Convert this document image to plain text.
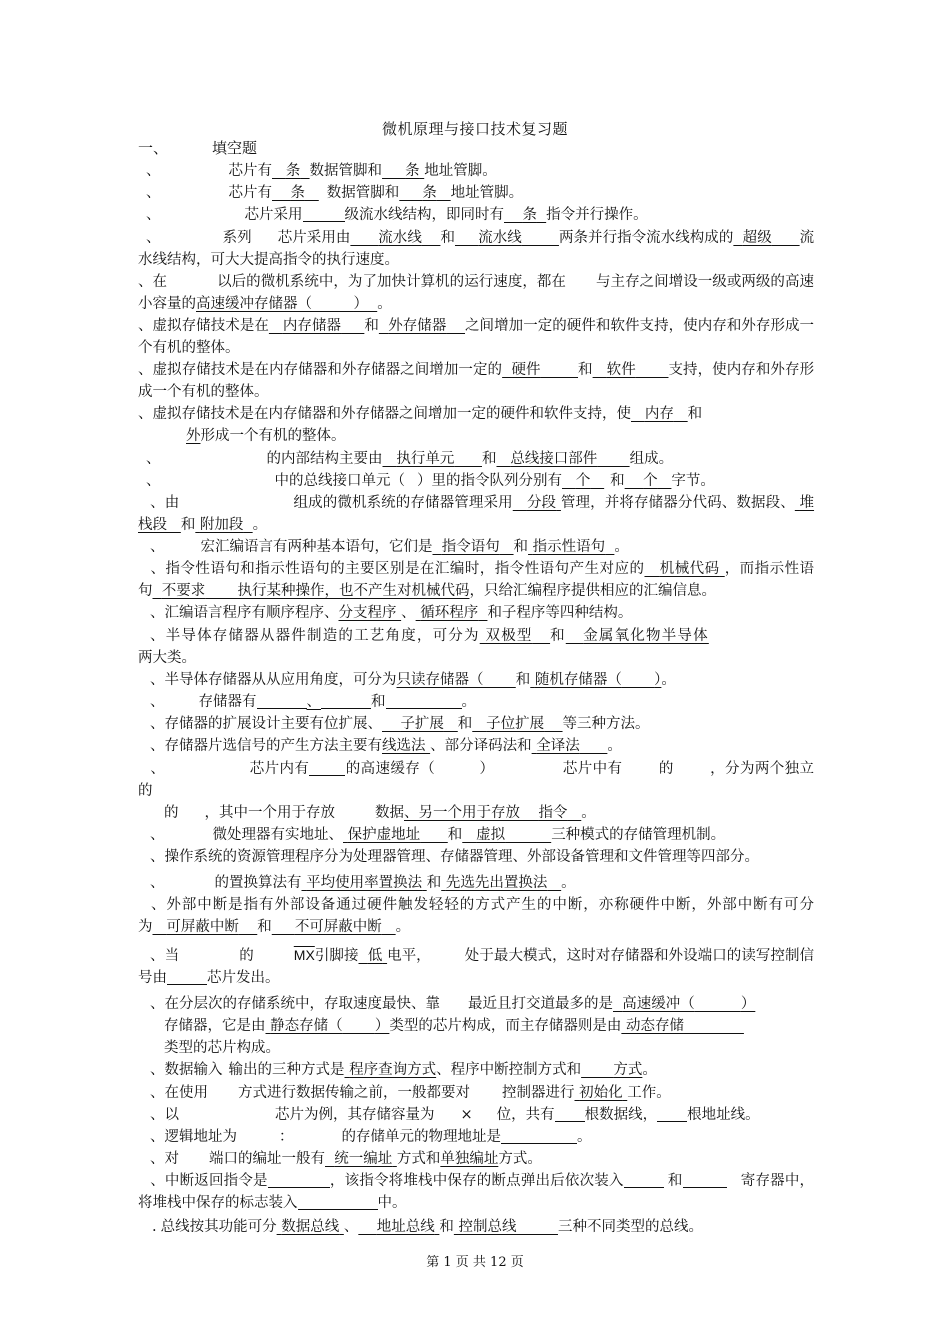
微机原理与接口技术复习题
一、	填空题

、	芯片有 条 数据管脚和 条 地址管脚。

、	芯片有 条 数据管脚和 条 地址管脚。

、	芯片采用	级流水线结构，即同时有 条 指令并行操作。

、	系列 芯片采用由 流水线 和 流水线	两条并行指令流水线构成的 超级 流水线结构，可大大提高指令的执行速度。

、在	以后的微机系统中，为了加快计算机的运行速度，都在 与主存之间增设一级或两级的高速小容量的高速缓冲存储器（	） 。

、虚拟存储技术是在 内存储器 和 外存储器 之间增加一定的硬件和软件支持，使内存和外存形成一个有机的整体。

、虚拟存储技术是在内存储器和外存储器之间增加一定的 硬件	和 软件 支持，使内存和外存形成一个有机的整体。

、虚拟存储技术是在内存储器和外存储器之间增加一定的硬件和软件支持，使 内存 和
外形成一个有机的整体。

、	的内部结构主要由 执行单元 和 总线接口部件 组成。

、	中的总线接口单元（ ）里的指令队列分别有 个 和 个 字节。

、由	组成的微机系统的存储器管理采用 分段 管理，并将存储器分代码、数据段、 堆栈段 和 附加段 。

、 宏汇编语言有两种基本语句，它们是 指令语句 和 指示性语句 。

、指令性语句和指示性语句的主要区别是在汇编时，指令性语句产生对应的 机械代码 ，而指示性语句 不要求 执行某种操作，也不产生对机械代码，只给汇编程序提供相应的汇编信息。

、汇编语言程序有顺序程序、分支程序 、 循环程序 和子程序等四种结构。

、半导体存储器从器件制造的工艺角度，可分为 双极型 和 金属氧化物半导体
两大类。

、半导体存储器从从应用角度，可分为只读存储器（ 和 随机存储器（ ）。

、 存储器有	、	和	。

、存储器的扩展设计主要有位扩展、 子扩展 和 子位扩展 等三种方法。

、存储器片选信号的产生方法主要有线选法 、部分译码法和 全译法 。

、	芯片内有 的高速缓存（	）	芯片中有 的 ，分为两个独立的
的 ，其中一个用于存放	数据、另一个用于存放 指令 。

、	微处理器有实地址、 保护虚地址 和 虚拟	三种模式的存储管理机制。

、操作系统的资源管理程序分为处理器管理、存储器管理、外部设备管理和文件管理等四部分。

、	的置换算法有 平均使用率置换法 和 先选先出置换法 。

、外部中断是指有外部设备通过硬件触发轻轻的方式产生的中断，亦称硬件中断，外部中断有可分为 可屏蔽中断 和 不可屏蔽中断 。

、当	的	$\overline{MX}$引脚接 低 电平， 处于最大模式，这时对存储器和外设端口的读写控制信号由	芯片发出。

、在分层次的存储系统中，存取速度最快、靠 最近且打交道最多的是 高速缓冲（	）
存储器，它是由 静态存储（ ）类型的芯片构成，而主存储器则是由 动态存储
类型的芯片构成。

、数据输入 输出的三种方式是 程序查询方式、程序中断控制方式和 方式。

、在使用 方式进行数据传输之前，一般都要对 控制器进行 初始化 工作。

、以	芯片为例，其存储容量为 × 位，共有 根数据线， 根地址线。

、逻辑地址为	：	的存储单元的物理地址是	。

、对 端口的编址一般有 统一编址 方式和单独编址方式。

、中断返回指令是	，该指令将堆栈中保存的断点弹出后依次装入	和	寄存器中，将堆栈中保存的标志装入	中。

. 总线按其功能可分 数据总线 、 地址总线 和 控制总线	三种不同类型的总线。

第 1 页 共 12 页
